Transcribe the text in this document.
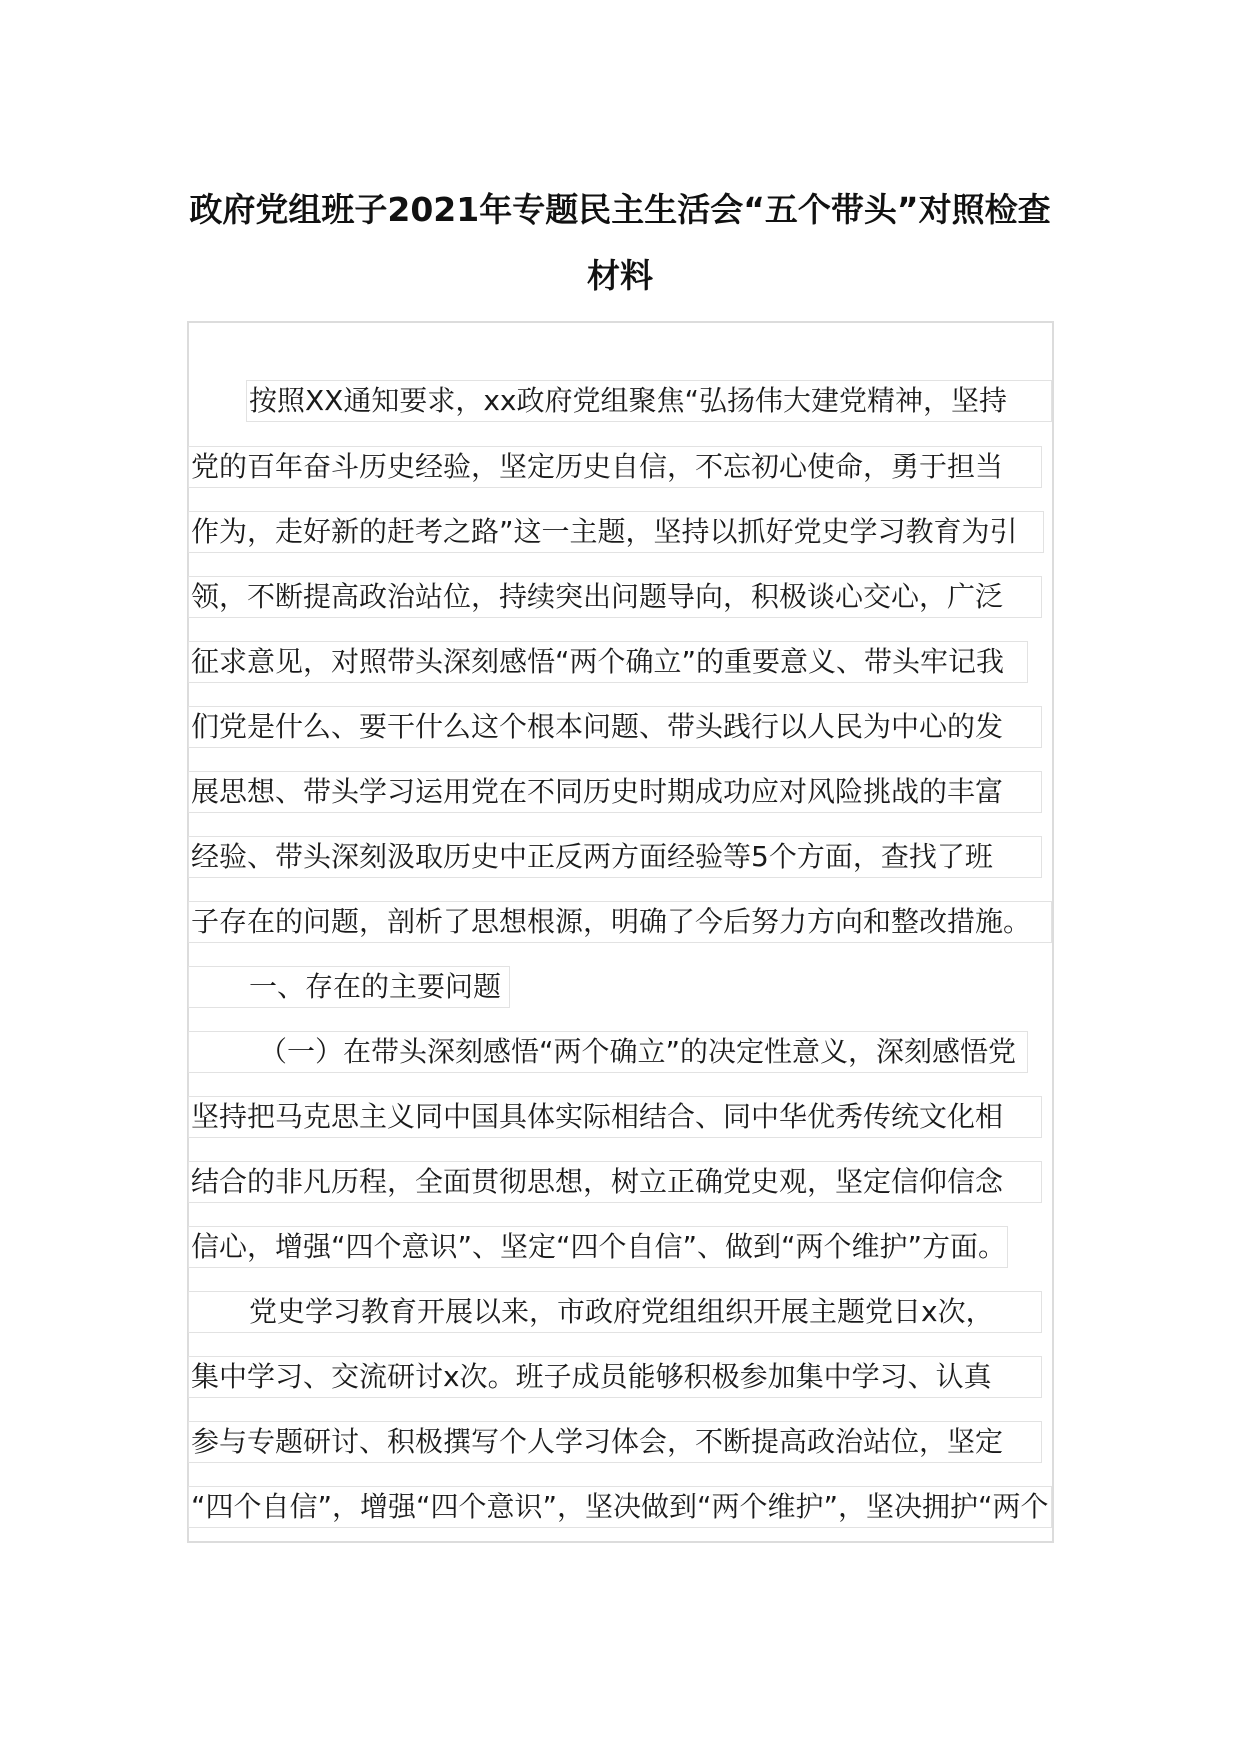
政府党组班子2021年专题民主生活会“五个带头”对照检查
材料
按照XX通知要求，xx政府党组聚焦“弘扬伟大建党精神，坚持
党的百年奋斗历史经验，坚定历史自信，不忘初心使命，勇于担当
作为，走好新的赶考之路”这一主题，坚持以抓好党史学习教育为引
领，不断提高政治站位，持续突出问题导向，积极谈心交心，广泛
征求意见，对照带头深刻感悟“两个确立”的重要意义、带头牢记我
们党是什么、要干什么这个根本问题、带头践行以人民为中心的发
展思想、带头学习运用党在不同历史时期成功应对风险挑战的丰富
经验、带头深刻汲取历史中正反两方面经验等5个方面，查找了班
子存在的问题，剖析了思想根源，明确了今后努力方向和整改措施。
一、存在的主要问题
（一）在带头深刻感悟“两个确立”的决定性意义，深刻感悟党
坚持把马克思主义同中国具体实际相结合、同中华优秀传统文化相
结合的非凡历程，全面贯彻思想，树立正确党史观，坚定信仰信念
信心，增强“四个意识”、坚定“四个自信”、做到“两个维护”方面。
党史学习教育开展以来，市政府党组组织开展主题党日x次，
集中学习、交流研讨x次。班子成员能够积极参加集中学习、认真
参与专题研讨、积极撰写个人学习体会，不断提高政治站位，坚定
“四个自信”，增强“四个意识”，坚决做到“两个维护”，坚决拥护“两个
